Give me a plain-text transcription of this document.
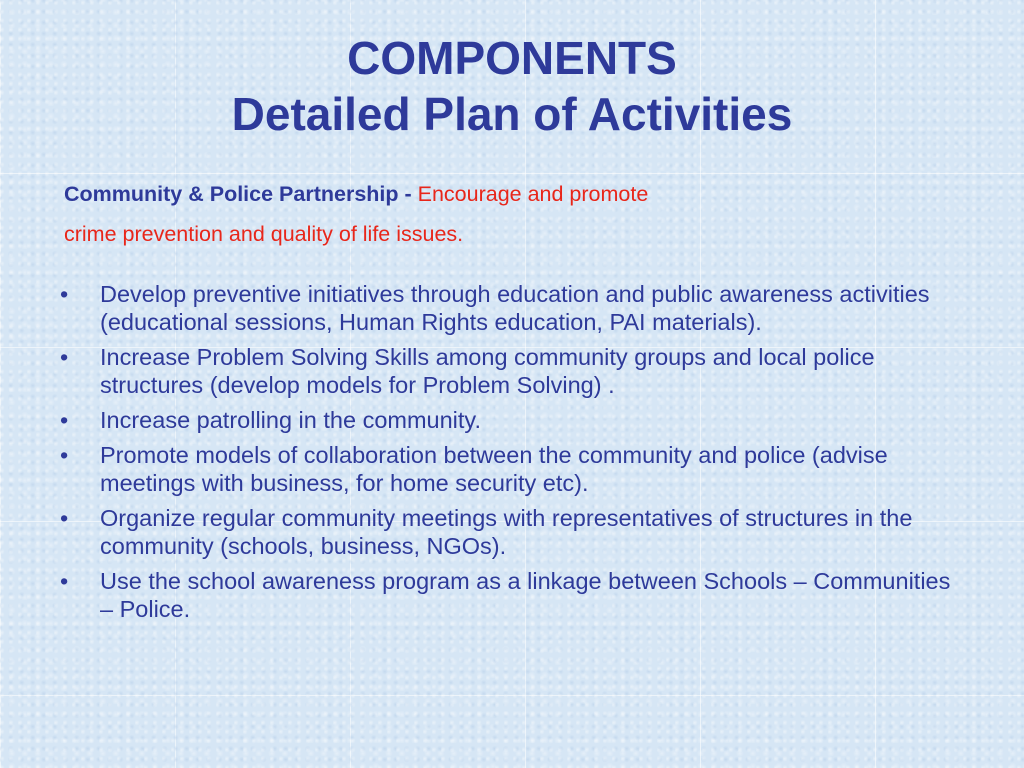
COMPONENTS
Detailed Plan of Activities
Community & Police Partnership - Encourage and promote
crime prevention and quality of life issues.
•	Develop preventive initiatives through education and public awareness activities (educational sessions, Human Rights education, PAI materials).
•	Increase Problem Solving Skills among community groups and local police structures (develop models for Problem Solving) .
•	Increase patrolling in the community.
•	Promote models of collaboration between the community and police (advise meetings with business, for home security etc).
•	Organize regular community meetings with representatives of structures in the community (schools, business, NGOs).
•	Use the school awareness program as a linkage between Schools – Communities – Police.
